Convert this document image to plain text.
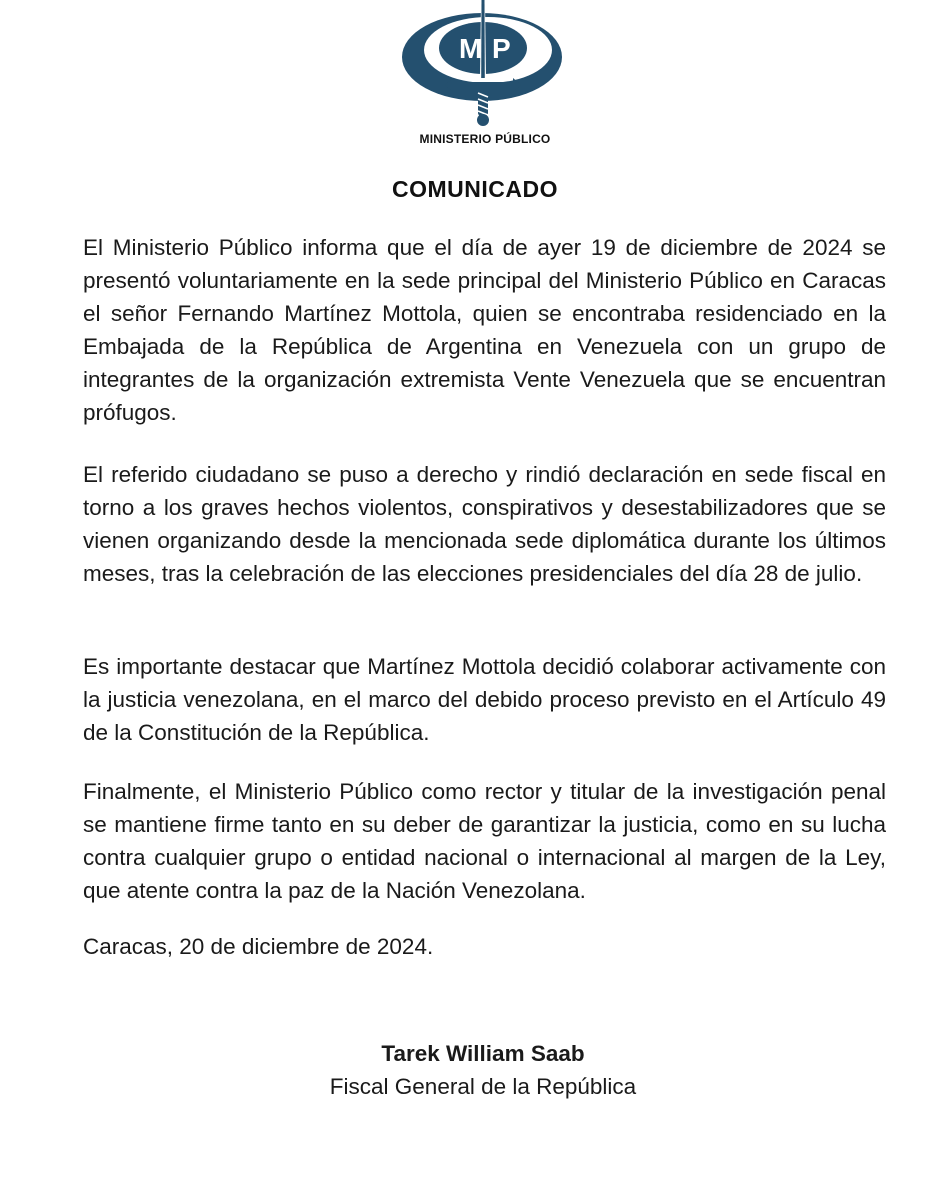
M P
MINISTERIO PÚBLICO
COMUNICADO
El Ministerio Público informa que el día de ayer 19 de diciembre de 2024 se presentó voluntariamente en la sede principal del Ministerio Público en Caracas el señor Fernando Martínez Mottola, quien se encontraba residenciado en la Embajada de la República de Argentina en Venezuela con un grupo de integrantes de la organización extremista Vente Venezuela que se encuentran prófugos.
El referido ciudadano se puso a derecho y rindió declaración en sede fiscal en torno a los graves hechos violentos, conspirativos y desestabilizadores que se vienen organizando desde la mencionada sede diplomática durante los últimos meses, tras la celebración de las elecciones presidenciales del día 28 de julio.
Es importante destacar que Martínez Mottola decidió colaborar activamente con la justicia venezolana, en el marco del debido proceso previsto en el Artículo 49 de la Constitución de la República.
Finalmente, el Ministerio Público como rector y titular de la investigación penal se mantiene firme tanto en su deber de garantizar la justicia, como en su lucha contra cualquier grupo o entidad nacional o internacional al margen de la Ley, que atente contra la paz de la Nación Venezolana.
Caracas, 20 de diciembre de 2024.
Tarek William Saab
Fiscal General de la República
